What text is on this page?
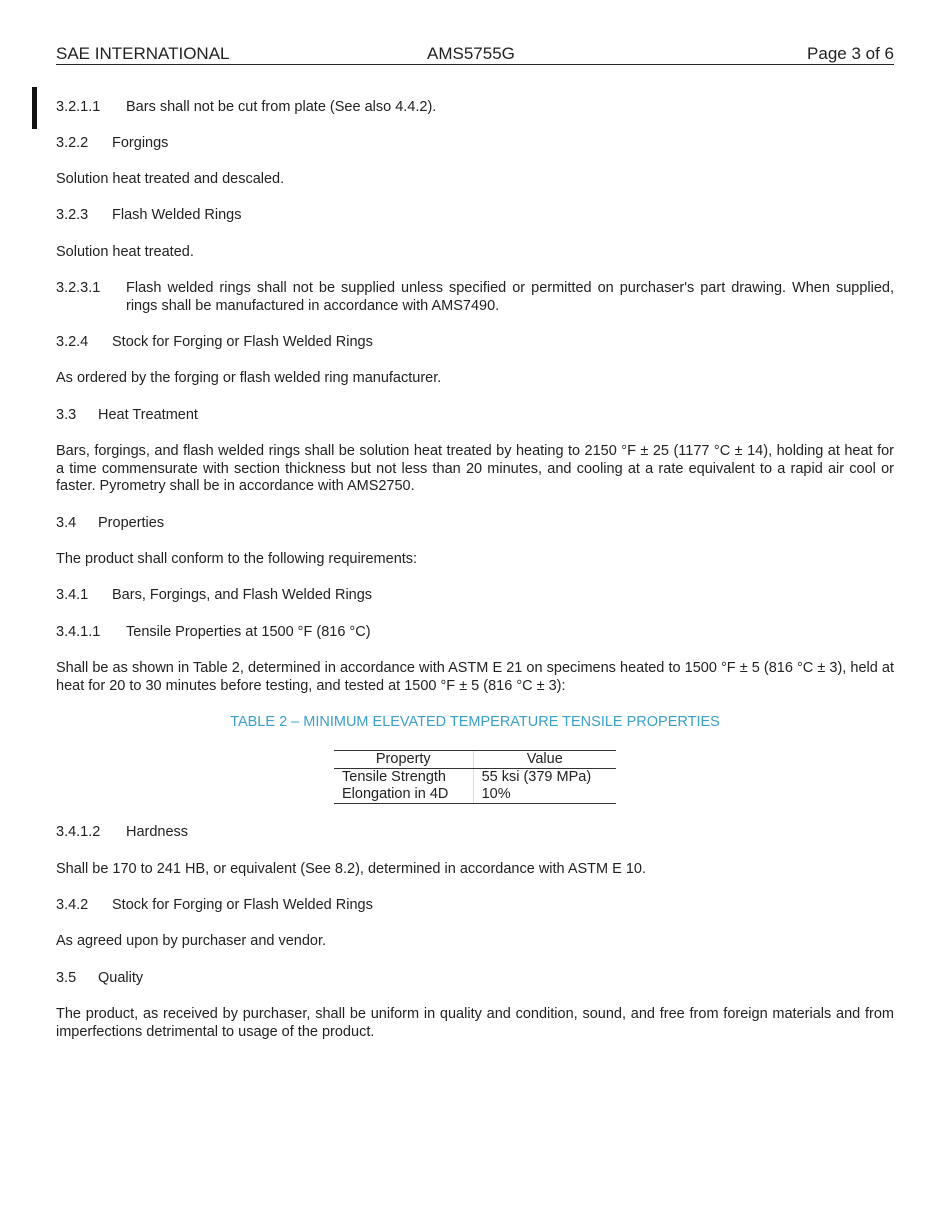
SAE INTERNATIONAL	AMS5755G	Page 3 of 6
3.2.1.1 Bars shall not be cut from plate (See also 4.4.2).
3.2.2 Forgings
Solution heat treated and descaled.
3.2.3 Flash Welded Rings
Solution heat treated.
3.2.3.1 Flash welded rings shall not be supplied unless specified or permitted on purchaser's part drawing. When supplied, rings shall be manufactured in accordance with AMS7490.
3.2.4 Stock for Forging or Flash Welded Rings
As ordered by the forging or flash welded ring manufacturer.
3.3 Heat Treatment
Bars, forgings, and flash welded rings shall be solution heat treated by heating to 2150 °F ± 25 (1177 °C ± 14), holding at heat for a time commensurate with section thickness but not less than 20 minutes, and cooling at a rate equivalent to a rapid air cool or faster. Pyrometry shall be in accordance with AMS2750.
3.4 Properties
The product shall conform to the following requirements:
3.4.1 Bars, Forgings, and Flash Welded Rings
3.4.1.1 Tensile Properties at 1500 °F (816 °C)
Shall be as shown in Table 2, determined in accordance with ASTM E 21 on specimens heated to 1500 °F ± 5 (816 °C ± 3), held at heat for 20 to 30 minutes before testing, and tested at 1500 °F ± 5 (816 °C ± 3):
TABLE 2 – MINIMUM ELEVATED TEMPERATURE TENSILE PROPERTIES
Property	Value
Tensile Strength	55 ksi (379 MPa)
Elongation in 4D	10%
3.4.1.2 Hardness
Shall be 170 to 241 HB, or equivalent (See 8.2), determined in accordance with ASTM E 10.
3.4.2 Stock for Forging or Flash Welded Rings
As agreed upon by purchaser and vendor.
3.5 Quality
The product, as received by purchaser, shall be uniform in quality and condition, sound, and free from foreign materials and from imperfections detrimental to usage of the product.
